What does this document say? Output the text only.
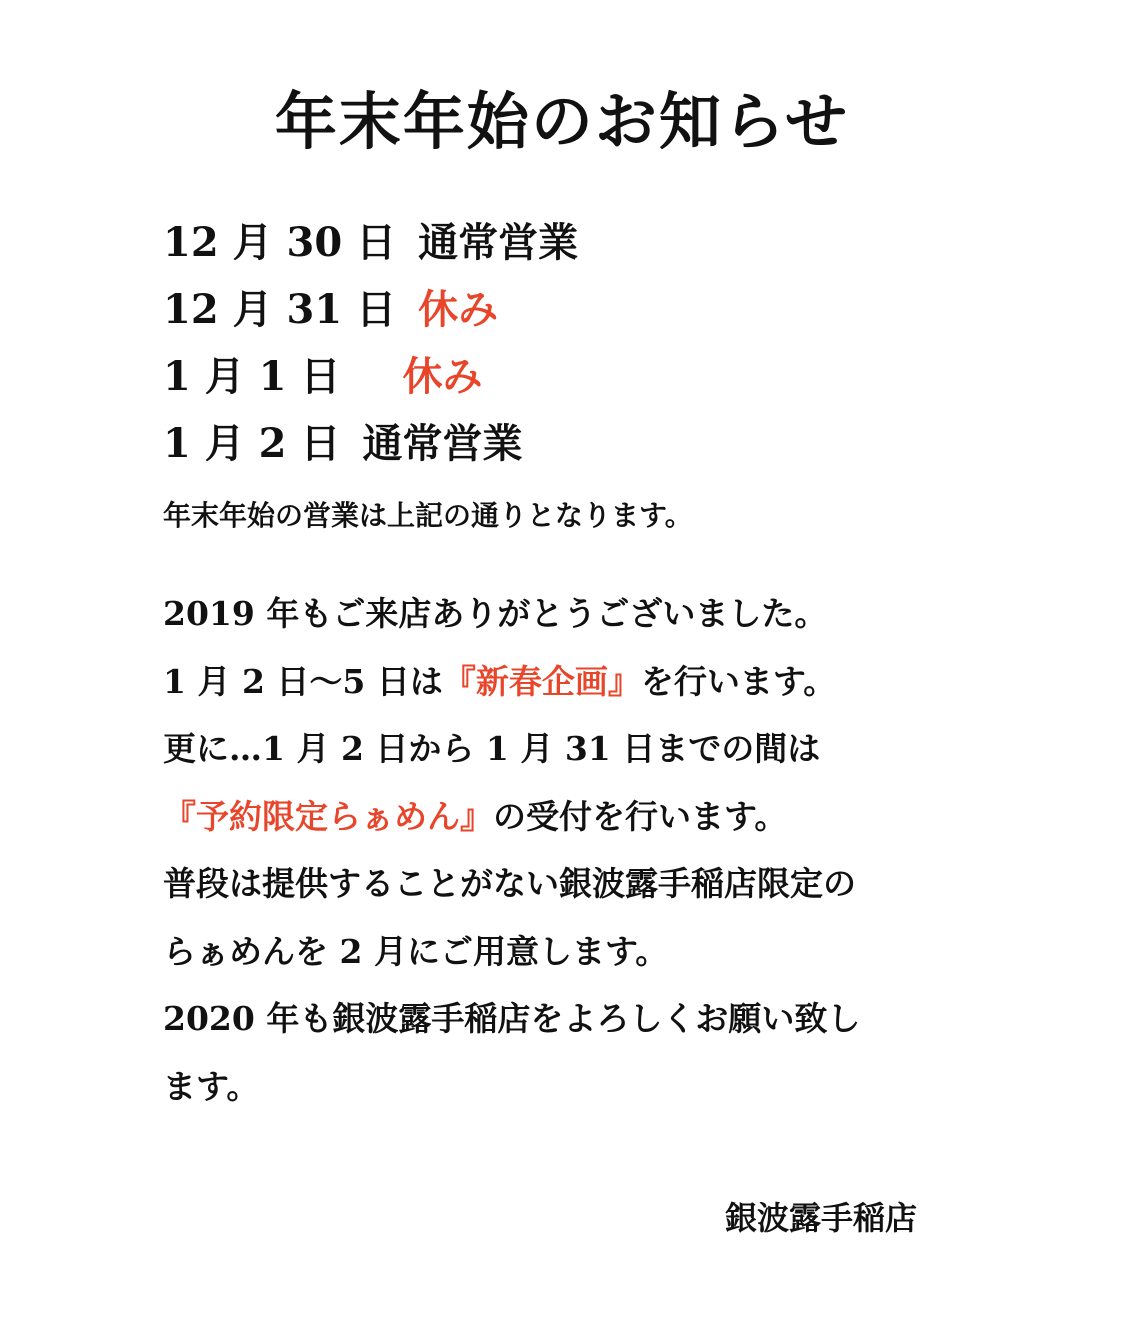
年末年始のお知らせ
12 月 30 日 通常営業
12 月 31 日 休み
1 月 1 日　休み
1 月 2 日 通常営業
年末年始の営業は上記の通りとなります。
2019 年もご来店ありがとうございました。
1 月 2 日〜5 日は『新春企画』を行います。
更に…1 月 2 日から 1 月 31 日までの間は
『予約限定らぁめん』の受付を行います。
普段は提供することがない銀波露手稲店限定の
らぁめんを 2 月にご用意します。
2020 年も銀波露手稲店をよろしくお願い致し
ます。
銀波露手稲店
